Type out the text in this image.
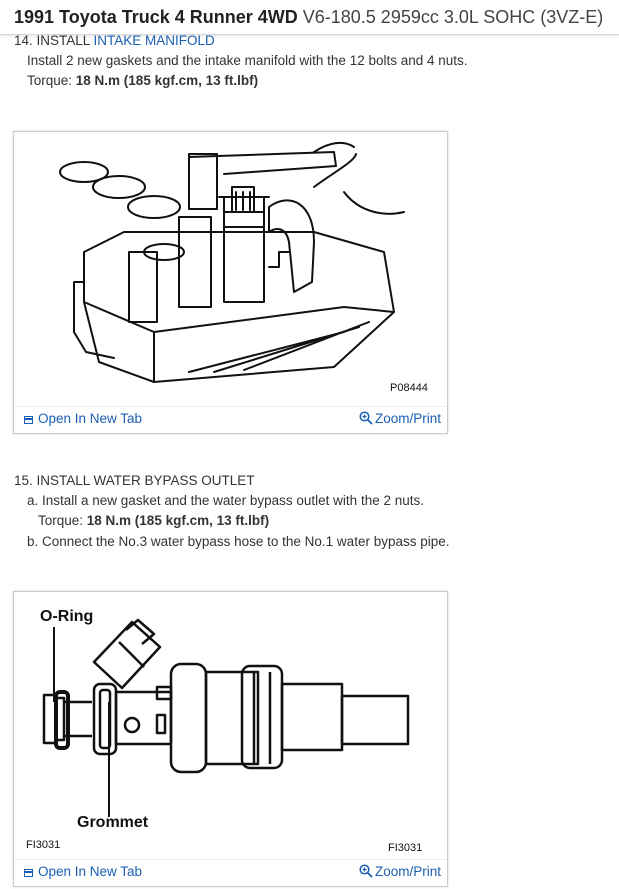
1991 Toyota Truck 4 Runner 4WD V6-180.5 2959cc 3.0L SOHC (3VZ-E)
14. INSTALL INTAKE MANIFOLD
Install 2 new gaskets and the intake manifold with the 12 bolts and 4 nuts.
Torque: 18 N.m (185 kgf.cm, 13 ft.lbf)
P08444
Open In New Tab	Zoom/Print
15. INSTALL WATER BYPASS OUTLET
a. Install a new gasket and the water bypass outlet with the 2 nuts.
Torque: 18 N.m (185 kgf.cm, 13 ft.lbf)
b. Connect the No.3 water bypass hose to the No.1 water bypass pipe.
O-Ring
Grommet
FI3031	FI3031
Open In New Tab	Zoom/Print
